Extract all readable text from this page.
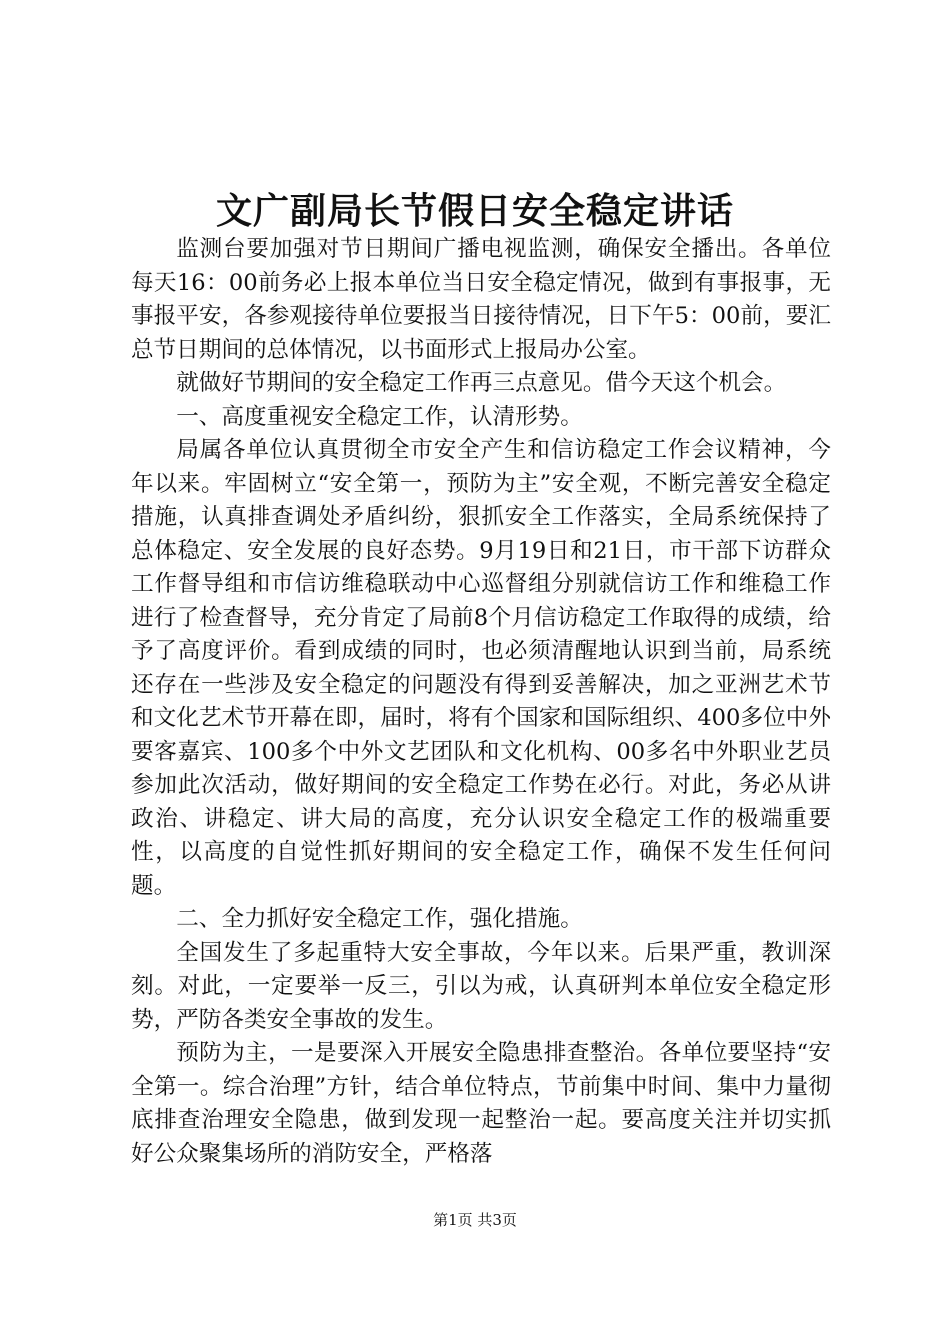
文广副局长节假日安全稳定讲话

监测台要加强对节日期间广播电视监测，确保安全播出。各单位每天16：00前务必上报本单位当日安全稳定情况，做到有事报事，无事报平安，各参观接待单位要报当日接待情况，日下午5：00前，要汇总节日期间的总体情况，以书面形式上报局办公室。

就做好节期间的安全稳定工作再三点意见。借今天这个机会。

一、高度重视安全稳定工作，认清形势。

局属各单位认真贯彻全市安全产生和信访稳定工作会议精神，今年以来。牢固树立“安全第一，预防为主”安全观，不断完善安全稳定措施，认真排查调处矛盾纠纷，狠抓安全工作落实，全局系统保持了总体稳定、安全发展的良好态势。9月19日和21日，市干部下访群众工作督导组和市信访维稳联动中心巡督组分别就信访工作和维稳工作进行了检查督导，充分肯定了局前8个月信访稳定工作取得的成绩，给予了高度评价。看到成绩的同时，也必须清醒地认识到当前，局系统还存在一些涉及安全稳定的问题没有得到妥善解决，加之亚洲艺术节和文化艺术节开幕在即，届时，将有个国家和国际组织、400多位中外要客嘉宾、100多个中外文艺团队和文化机构、00多名中外职业艺员参加此次活动，做好期间的安全稳定工作势在必行。对此，务必从讲政治、讲稳定、讲大局的高度，充分认识安全稳定工作的极端重要性，以高度的自觉性抓好期间的安全稳定工作，确保不发生任何问题。

二、全力抓好安全稳定工作，强化措施。

全国发生了多起重特大安全事故，今年以来。后果严重，教训深刻。对此，一定要举一反三，引以为戒，认真研判本单位安全稳定形势，严防各类安全事故的发生。

预防为主，一是要深入开展安全隐患排查整治。各单位要坚持“安全第一。综合治理”方针，结合单位特点，节前集中时间、集中力量彻底排查治理安全隐患，做到发现一起整治一起。要高度关注并切实抓好公众聚集场所的消防安全，严格落

第1页 共3页
